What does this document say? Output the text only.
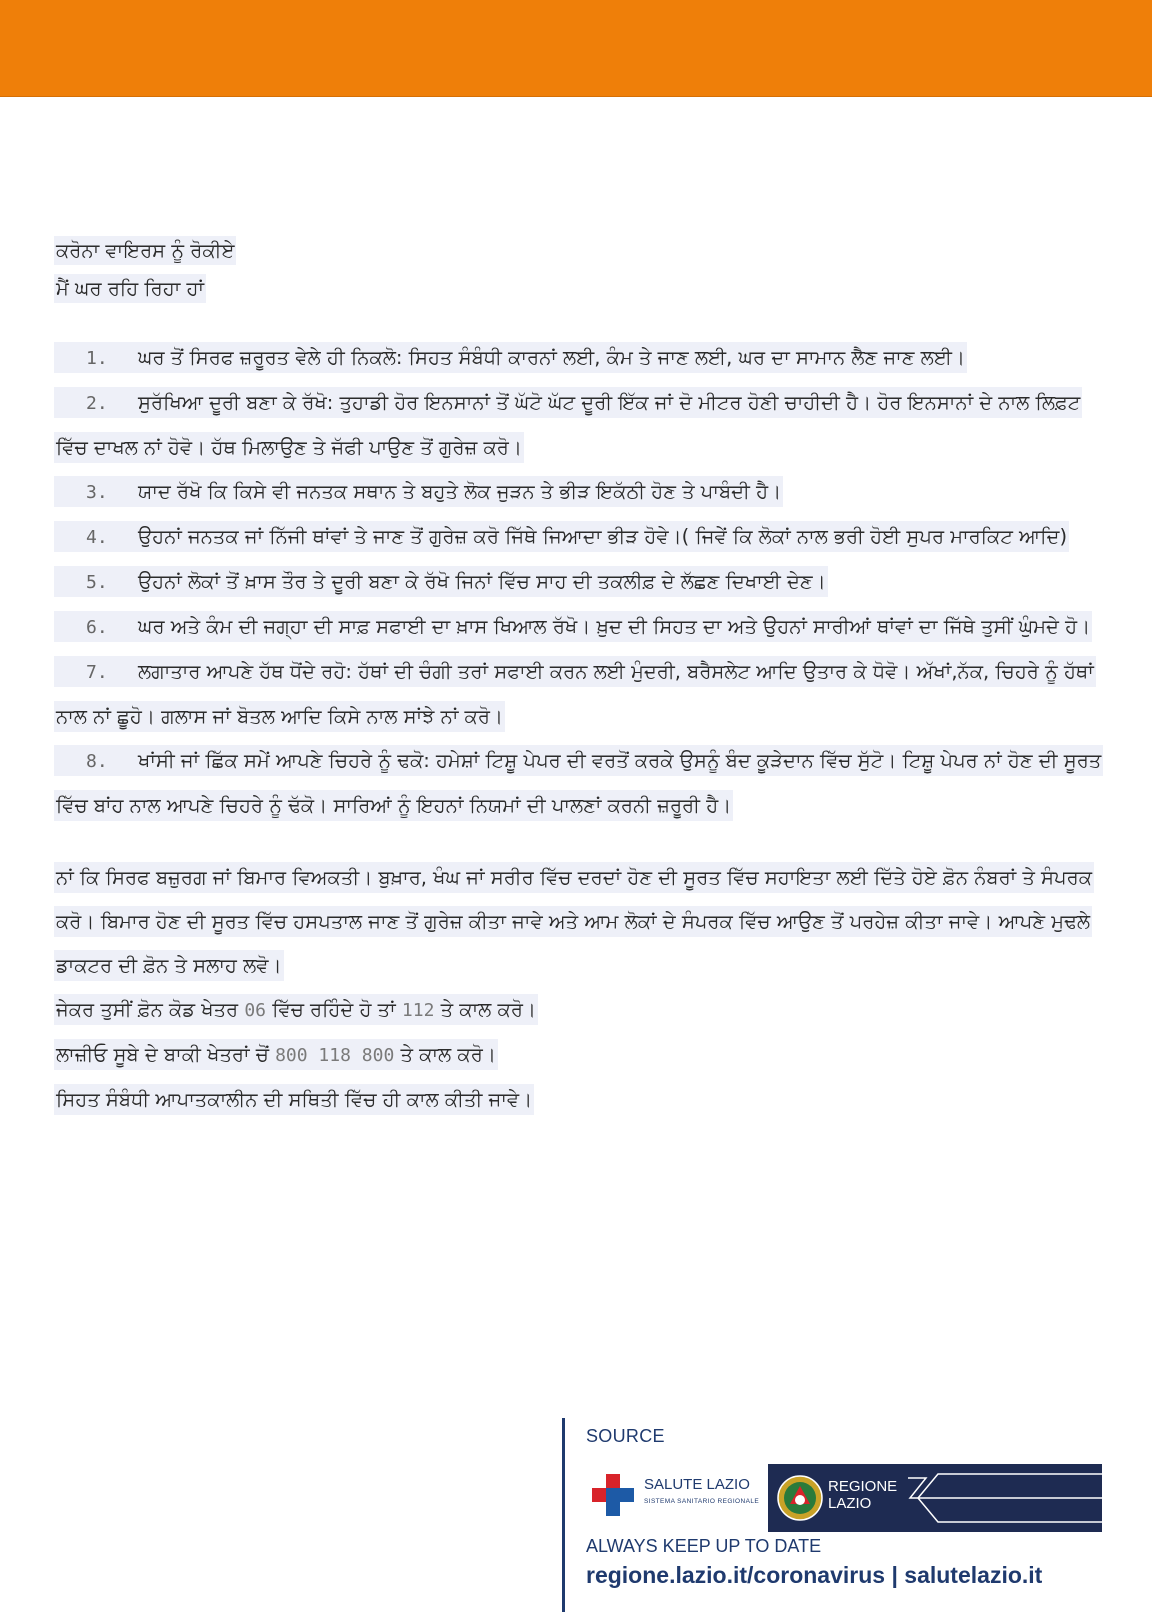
ਕਰੋਨਾ ਵਾਇਰਸ ਨੂੰ ਰੋਕੀਏ
ਮੈਂ ਘਰ ਰਹਿ ਰਿਹਾ ਹਾਂ
1. ਘਰ ਤੋਂ ਸਿਰਫ ਜ਼ਰੂਰਤ ਵੇਲੇ ਹੀ ਨਿਕਲੋ: ਸਿਹਤ ਸੰਬੰਧੀ ਕਾਰਨਾਂ ਲਈ, ਕੰਮ ਤੇ ਜਾਣ ਲਈ, ਘਰ ਦਾ ਸਾਮਾਨ ਲੈਣ ਜਾਣ ਲਈ।
2. ਸੁਰੱਖਿਆ ਦੂਰੀ ਬਣਾ ਕੇ ਰੱਖੋ: ਤੁਹਾਡੀ ਹੋਰ ਇਨਸਾਨਾਂ ਤੋਂ ਘੱਟੋ ਘੱਟ ਦੂਰੀ ਇੱਕ ਜਾਂ ਦੋ ਮੀਟਰ ਹੋਣੀ ਚਾਹੀਦੀ ਹੈ। ਹੋਰ ਇਨਸਾਨਾਂ ਦੇ ਨਾਲ ਲਿਫ਼ਟ ਵਿੱਚ ਦਾਖਲ ਨਾਂ ਹੋਵੋ। ਹੱਥ ਮਿਲਾਉਣ ਤੇ ਜੱਫੀ ਪਾਉਣ ਤੋਂ ਗੁਰੇਜ਼ ਕਰੋ।
3. ਯਾਦ ਰੱਖੋ ਕਿ ਕਿਸੇ ਵੀ ਜਨਤਕ ਸਥਾਨ ਤੇ ਬਹੁਤੇ ਲੋਕ ਜੁੜਨ ਤੇ ਭੀੜ ਇਕੱਠੀ ਹੋਣ ਤੇ ਪਾਬੰਦੀ ਹੈ।
4. ਉਹਨਾਂ ਜਨਤਕ ਜਾਂ ਨਿੱਜੀ ਥਾਂਵਾਂ ਤੇ ਜਾਣ ਤੋਂ ਗੁਰੇਜ਼ ਕਰੋ ਜਿੱਥੇ ਜਿਆਦਾ ਭੀੜ ਹੋਵੇ।( ਜਿਵੇਂ ਕਿ ਲੋਕਾਂ ਨਾਲ ਭਰੀ ਹੋਈ ਸੁਪਰ ਮਾਰਕਿਟ ਆਦਿ)
5. ਉਹਨਾਂ ਲੋਕਾਂ ਤੋਂ ਖ਼ਾਸ ਤੌਰ ਤੇ ਦੂਰੀ ਬਣਾ ਕੇ ਰੱਖੋ ਜਿਨਾਂ ਵਿੱਚ ਸਾਹ ਦੀ ਤਕਲੀਫ਼ ਦੇ ਲੱਛਣ ਦਿਖਾਈ ਦੇਣ।
6. ਘਰ ਅਤੇ ਕੰਮ ਦੀ ਜਗ੍ਹਾ ਦੀ ਸਾਫ਼ ਸਫਾਈ ਦਾ ਖ਼ਾਸ ਖਿਆਲ ਰੱਖੋ। ਖ਼ੁਦ ਦੀ ਸਿਹਤ ਦਾ ਅਤੇ ਉਹਨਾਂ ਸਾਰੀਆਂ ਥਾਂਵਾਂ ਦਾ ਜਿੱਥੇ ਤੁਸੀਂ ਘੁੰਮਦੇ ਹੋ।
7. ਲਗਾਤਾਰ ਆਪਣੇ ਹੱਥ ਧੋਂਦੇ ਰਹੋ: ਹੱਥਾਂ ਦੀ ਚੰਗੀ ਤਰਾਂ ਸਫਾਈ ਕਰਨ ਲਈ ਮੁੰਦਰੀ, ਬਰੈਸਲੇਟ ਆਦਿ ਉਤਾਰ ਕੇ ਧੋਵੋ। ਅੱਖਾਂ,ਨੱਕ, ਚਿਹਰੇ ਨੂੰ ਹੱਥਾਂ ਨਾਲ ਨਾਂ ਛੂਹੋ। ਗਲਾਸ ਜਾਂ ਬੋਤਲ ਆਦਿ ਕਿਸੇ ਨਾਲ ਸਾਂਝੇ ਨਾਂ ਕਰੋ।
8. ਖਾਂਸੀ ਜਾਂ ਛਿੱਕ ਸਮੇਂ ਆਪਣੇ ਚਿਹਰੇ ਨੂੰ ਢਕੋ: ਹਮੇਸ਼ਾਂ ਟਿਸ਼ੂ ਪੇਪਰ ਦੀ ਵਰਤੋਂ ਕਰਕੇ ਉਸਨੂੰ ਬੰਦ ਕੂੜੇਦਾਨ ਵਿੱਚ ਸੁੱਟੋ। ਟਿਸ਼ੂ ਪੇਪਰ ਨਾਂ ਹੋਣ ਦੀ ਸੂਰਤ ਵਿੱਚ ਬਾਂਹ ਨਾਲ ਆਪਣੇ ਚਿਹਰੇ ਨੂੰ ਢੱਕੋ। ਸਾਰਿਆਂ ਨੂੰ ਇਹਨਾਂ ਨਿਯਮਾਂ ਦੀ ਪਾਲਣਾਂ ਕਰਨੀ ਜ਼ਰੂਰੀ ਹੈ।
ਨਾਂ ਕਿ ਸਿਰਫ ਬਜ਼ੁਰਗ ਜਾਂ ਬਿਮਾਰ ਵਿਅਕਤੀ। ਬੁਖ਼ਾਰ, ਖੰਘ ਜਾਂ ਸਰੀਰ ਵਿੱਚ ਦਰਦਾਂ ਹੋਣ ਦੀ ਸੂਰਤ ਵਿੱਚ ਸਹਾਇਤਾ ਲਈ ਦਿੱਤੇ ਹੋਏ ਫ਼ੋਨ ਨੰਬਰਾਂ ਤੇ ਸੰਪਰਕ ਕਰੋ। ਬਿਮਾਰ ਹੋਣ ਦੀ ਸੂਰਤ ਵਿੱਚ ਹਸਪਤਾਲ ਜਾਣ ਤੋਂ ਗੁਰੇਜ਼ ਕੀਤਾ ਜਾਵੇ ਅਤੇ ਆਮ ਲੋਕਾਂ ਦੇ ਸੰਪਰਕ ਵਿੱਚ ਆਉਣ ਤੋਂ ਪਰਹੇਜ਼ ਕੀਤਾ ਜਾਵੇ। ਆਪਣੇ ਮੁਢਲੇ ਡਾਕਟਰ ਦੀ ਫ਼ੋਨ ਤੇ ਸਲਾਹ ਲਵੋ।
ਜੇਕਰ ਤੁਸੀਂ ਫ਼ੋਨ ਕੋਡ ਖੇਤਰ 06 ਵਿੱਚ ਰਹਿੰਦੇ ਹੋ ਤਾਂ 112 ਤੇ ਕਾਲ ਕਰੋ।
ਲਾਜ਼ੀਓ ਸੂਬੇ ਦੇ ਬਾਕੀ ਖੇਤਰਾਂ ਚੋਂ 800 118 800 ਤੇ ਕਾਲ ਕਰੋ।
ਸਿਹਤ ਸੰਬੰਧੀ ਆਪਾਤਕਾਲੀਨ ਦੀ ਸਥਿਤੀ ਵਿੱਚ ਹੀ ਕਾਲ ਕੀਤੀ ਜਾਵੇ।
SOURCE
SALUTE LAZIO
SISTEMA SANITARIO REGIONALE
REGIONE
LAZIO
ALWAYS KEEP UP TO DATE
regione.lazio.it/coronavirus | salutelazio.it
